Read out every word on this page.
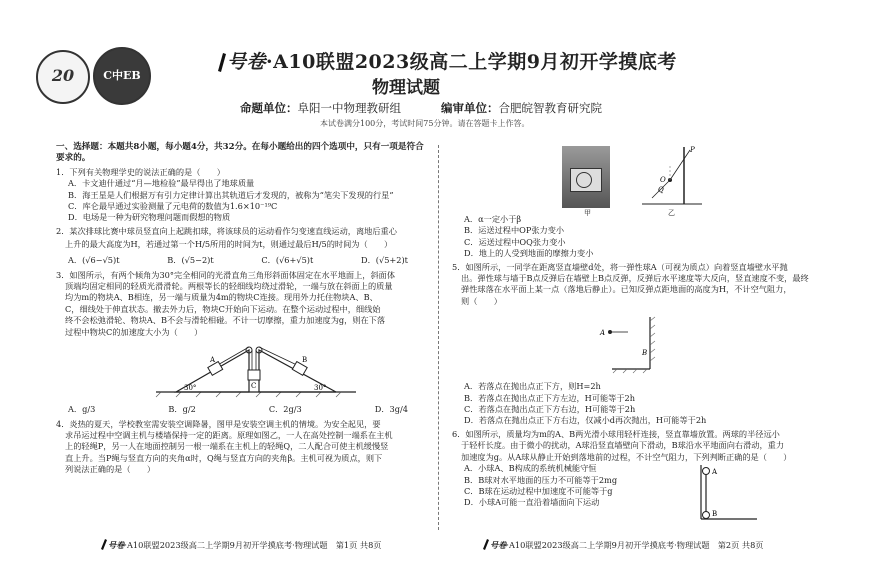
20	C中EB
号卷·A10联盟2023级高二上学期9月初开学摸底考
物理试题
命题单位：阜阳一中物理教研组	编审单位：合肥皖智教育研究院
本试卷满分100分，考试时间75分钟。请在答题卡上作答。

一、选择题：本题共8小题，每小题4分，共32分。在每小题给出的四个选项中，只有一项是符合要求的。

1．下列有关物理学史的说法正确的是（　　）

A．卡文迪什通过“月—地检验”最早得出了地球质量

B．海王星是人们根据万有引力定律计算出其轨道后才发现的，被称为“笔尖下发现的行星”

C．库仑最早通过实验测量了元电荷的数值为1.6×10⁻¹⁹C

D．电场是一种为研究物理问题而假想的物质

2．某次排球比赛中球员竖直向上起跳扣球，将该球员的运动看作匀变速直线运动，离地后重心

上升的最大高度为H，若通过第一个H/5所用的时间为t，则通过最后H/5的时间为（　　）

A．(√6−√5)t	B．(√5−2)t	C．(√6+√5)t	D．(√5+2)t

3．如图所示，有两个倾角为30°完全相同的光滑直角三角形斜面体固定在水平地面上，斜面体

顶端均固定相同的轻质光滑滑轮。两根等长的轻细线均绕过滑轮，一端与放在斜面上的质量

均为m的物块A、B相连，另一端与质量为4m的物块C连接。现用外力托住物块A、B、

C，细线处于伸直状态。撤去外力后，物块C开始向下运动。在整个运动过程中，细线始

终不会松弛滑轮、物块A、B不会与滑轮相碰。不计一切摩擦，重力加速度为g，则在下落

过程中物块C的加速度大小为（　　）

A
C
B
30°	30°
A．g/3	B．g/2	C．2g/3	D．3g/4

4．炎热的夏天，学校教室需安装空调降暑，图甲是安装空调主机的情境。为安全起见，要

求吊运过程中空调主机与楼墙保持一定的距离。原理如图乙，一人在高处控制一端系在主机

上的轻绳P，另一人在地面控制另一根一端系在主机上的轻绳Q，二人配合可使主机缓慢竖

直上升。当P绳与竖直方向的夹角α时，Q绳与竖直方向的夹角β。主机可视为质点，则下

列说法正确的是（　　）

甲
P
Q
O
乙

A．α一定小于β

B．运送过程中OP张力变小

C．运送过程中OQ张力变小

D．地上的人受到地面的摩擦力变小

5．如图所示，一同学在距离竖直墙壁d处，将一弹性球A（可视为质点）向着竖直墙壁水平抛

出。弹性球与墙于B点反弹后在墙壁上B点反弹，反弹后水平速度等大反向，竖直速度不变，最终

弹性球落在水平面上某一点（落地后静止）。已知反弹点距地面的高度为H，不计空气阻力，

则（　　）

A
B

A．若落点在抛出点正下方，则H=2h

B．若落点在抛出点正下方左边，H可能等于2h

C．若落点在抛出点正下方右边，H可能等于2h

D．若落点在抛出点正下方右边，仅减小d再次抛出，H可能等于2h

6．如图所示，质量均为m的A、B两光滑小球用轻杆连接，竖直靠墙放置。两球的半径远小

于轻杆长度。由于微小的扰动，A球沿竖直墙壁向下滑动，B球沿水平地面向右滑动，重力

加速度为g。从A球从静止开始到落地前的过程，不计空气阻力，下列判断正确的是（　　）

A．小球A、B构成的系统机械能守恒

B．B球对水平地面的压力不可能等于2mg

C．B球在运动过程中加速度不可能等于g

D．小球A可能一直沿着墙面向下运动

A
B
号卷·A10联盟2023级高二上学期9月初开学摸底考·物理试题　第1页 共8页	号卷·A10联盟2023级高二上学期9月初开学摸底考·物理试题　第2页 共8页
